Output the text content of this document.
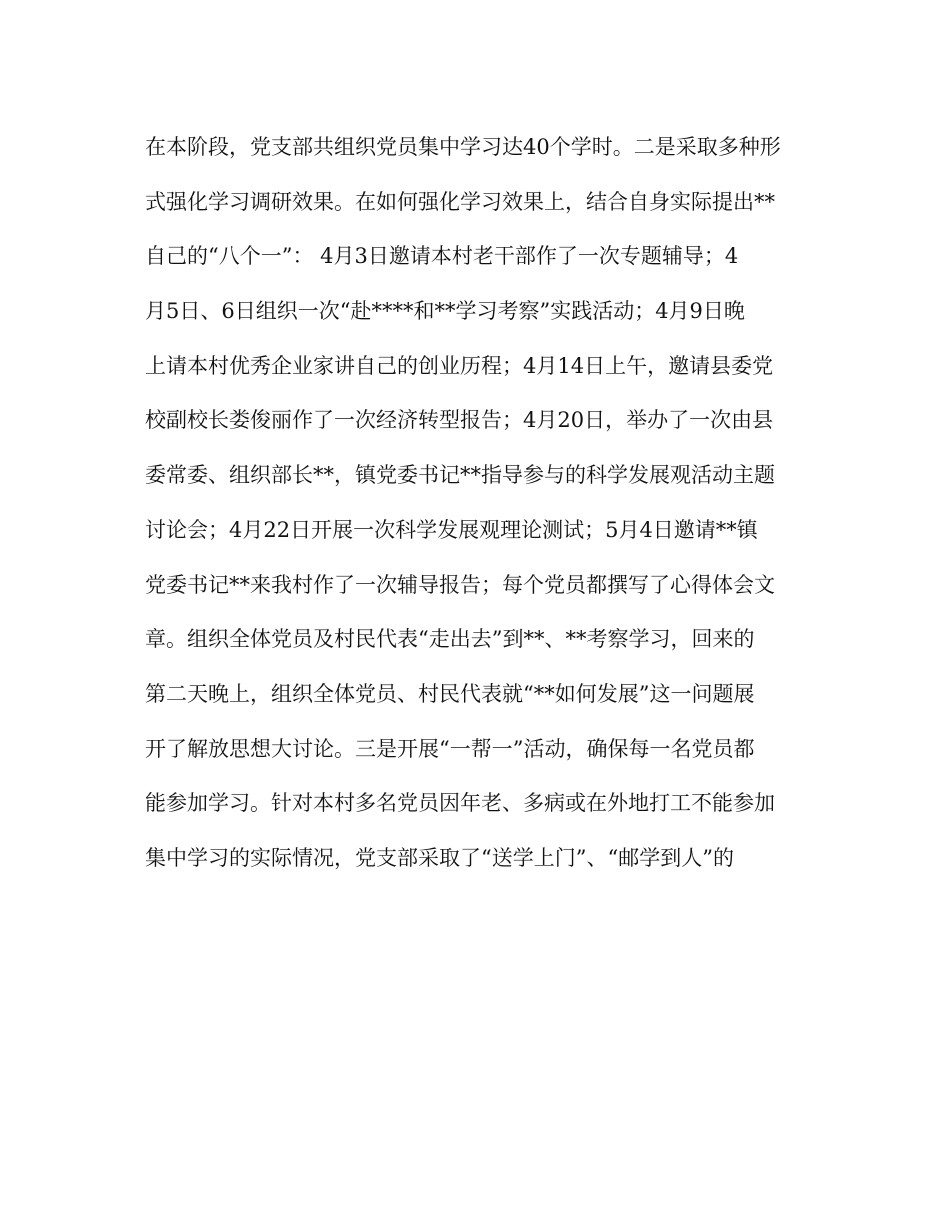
在本阶段，党支部共组织党员集中学习达40个学时。二是采取多种形
式强化学习调研效果。在如何强化学习效果上，结合自身实际提出**
自己的“八个一”： 4月3日邀请本村老干部作了一次专题辅导；4
月5日、6日组织一次“赴****和**学习考察”实践活动；4月9日晚
上请本村优秀企业家讲自己的创业历程；4月14日上午，邀请县委党
校副校长娄俊丽作了一次经济转型报告；4月20日，举办了一次由县
委常委、组织部长**，镇党委书记**指导参与的科学发展观活动主题
讨论会；4月22日开展一次科学发展观理论测试；5月4日邀请**镇
党委书记**来我村作了一次辅导报告；每个党员都撰写了心得体会文
章。组织全体党员及村民代表“走出去”到**、**考察学习，回来的
第二天晚上，组织全体党员、村民代表就“**如何发展”这一问题展
开了解放思想大讨论。三是开展“一帮一”活动，确保每一名党员都
能参加学习。针对本村多名党员因年老、多病或在外地打工不能参加
集中学习的实际情况，党支部采取了“送学上门”、“邮学到人”的
